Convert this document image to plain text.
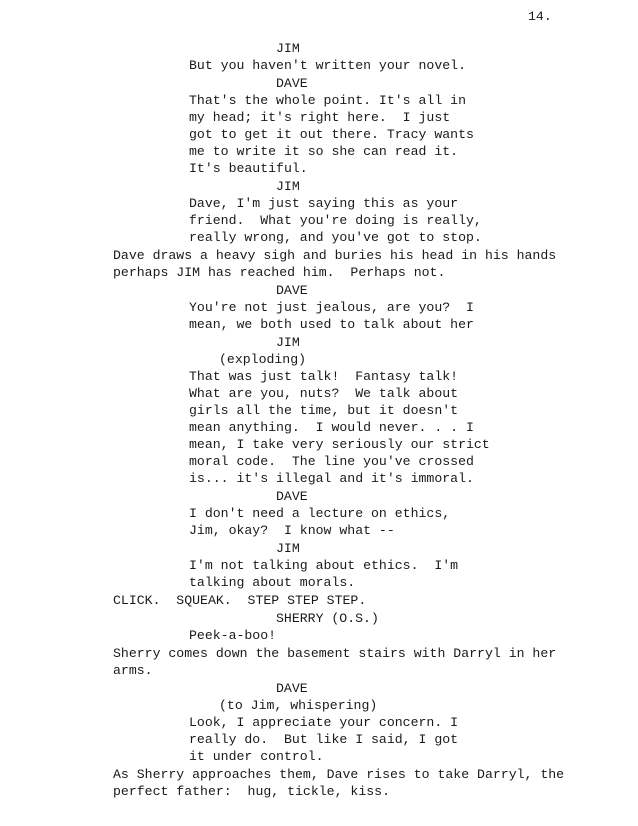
14.
JIM
But you haven't written your novel.
DAVE
That's the whole point. It's all in
my head; it's right here.  I just
got to get it out there. Tracy wants
me to write it so she can read it.
It's beautiful.
JIM
Dave, I'm just saying this as your
friend.  What you're doing is really,
really wrong, and you've got to stop.
Dave draws a heavy sigh and buries his head in his hands
perhaps JIM has reached him.  Perhaps not.
DAVE
You're not just jealous, are you?  I
mean, we both used to talk about her
JIM
(exploding)
That was just talk!  Fantasy talk!
What are you, nuts?  We talk about
girls all the time, but it doesn't
mean anything.  I would never. . . I
mean, I take very seriously our strict
moral code.  The line you've crossed
is... it's illegal and it's immoral.
DAVE
I don't need a lecture on ethics,
Jim, okay?  I know what --
JIM
I'm not talking about ethics.  I'm
talking about morals.
CLICK.  SQUEAK.  STEP STEP STEP.
SHERRY (O.S.)
Peek-a-boo!
Sherry comes down the basement stairs with Darryl in her
arms.
DAVE
(to Jim, whispering)
Look, I appreciate your concern. I
really do.  But like I said, I got
it under control.
As Sherry approaches them, Dave rises to take Darryl, the
perfect father:  hug, tickle, kiss.
